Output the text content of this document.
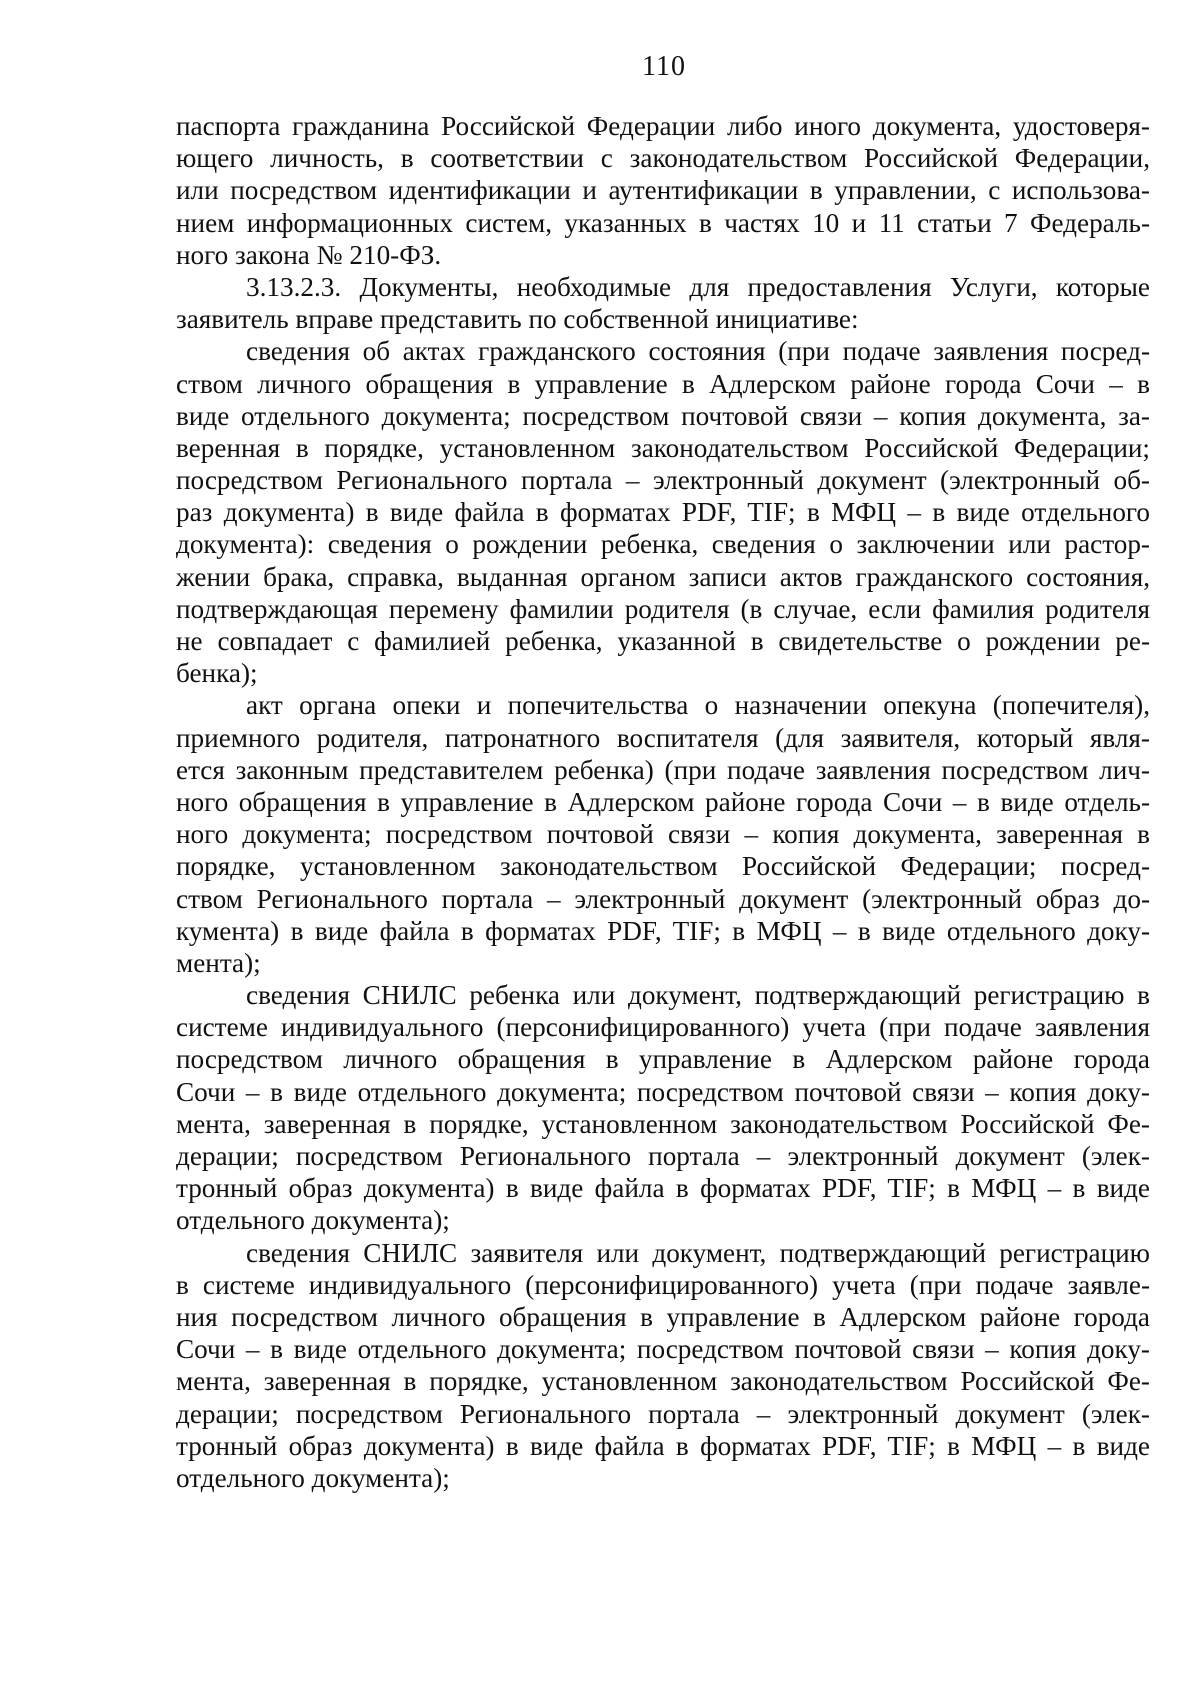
110
паспорта гражданина Российской Федерации либо иного документа, удостоверя-
ющего личность, в соответствии с законодательством Российской Федерации,
или посредством идентификации и аутентификации в управлении, с использова-
нием информационных систем, указанных в частях 10 и 11 статьи 7 Федераль-
ного закона № 210-ФЗ.
3.13.2.3. Документы, необходимые для предоставления Услуги, которые
заявитель вправе представить по собственной инициативе:
сведения об актах гражданского состояния (при подаче заявления посред-
ством личного обращения в управление в Адлерском районе города Сочи – в
виде отдельного документа; посредством почтовой связи – копия документа, за-
веренная в порядке, установленном законодательством Российской Федерации;
посредством Регионального портала – электронный документ (электронный об-
раз документа) в виде файла в форматах PDF, TIF; в МФЦ – в виде отдельного
документа): сведения о рождении ребенка, сведения о заключении или растор-
жении брака, справка, выданная органом записи актов гражданского состояния,
подтверждающая перемену фамилии родителя (в случае, если фамилия родителя
не совпадает с фамилией ребенка, указанной в свидетельстве о рождении ре-
бенка);
акт органа опеки и попечительства о назначении опекуна (попечителя),
приемного родителя, патронатного воспитателя (для заявителя, который явля-
ется законным представителем ребенка) (при подаче заявления посредством лич-
ного обращения в управление в Адлерском районе города Сочи – в виде отдель-
ного документа; посредством почтовой связи – копия документа, заверенная в
порядке, установленном законодательством Российской Федерации; посред-
ством Регионального портала – электронный документ (электронный образ до-
кумента) в виде файла в форматах PDF, TIF; в МФЦ – в виде отдельного доку-
мента);
сведения СНИЛС ребенка или документ, подтверждающий регистрацию в
системе индивидуального (персонифицированного) учета (при подаче заявления
посредством личного обращения в управление в Адлерском районе города
Сочи – в виде отдельного документа; посредством почтовой связи – копия доку-
мента, заверенная в порядке, установленном законодательством Российской Фе-
дерации; посредством Регионального портала – электронный документ (элек-
тронный образ документа) в виде файла в форматах PDF, TIF; в МФЦ – в виде
отдельного документа);
сведения СНИЛС заявителя или документ, подтверждающий регистрацию
в системе индивидуального (персонифицированного) учета (при подаче заявле-
ния посредством личного обращения в управление в Адлерском районе города
Сочи – в виде отдельного документа; посредством почтовой связи – копия доку-
мента, заверенная в порядке, установленном законодательством Российской Фе-
дерации; посредством Регионального портала – электронный документ (элек-
тронный образ документа) в виде файла в форматах PDF, TIF; в МФЦ – в виде
отдельного документа);
